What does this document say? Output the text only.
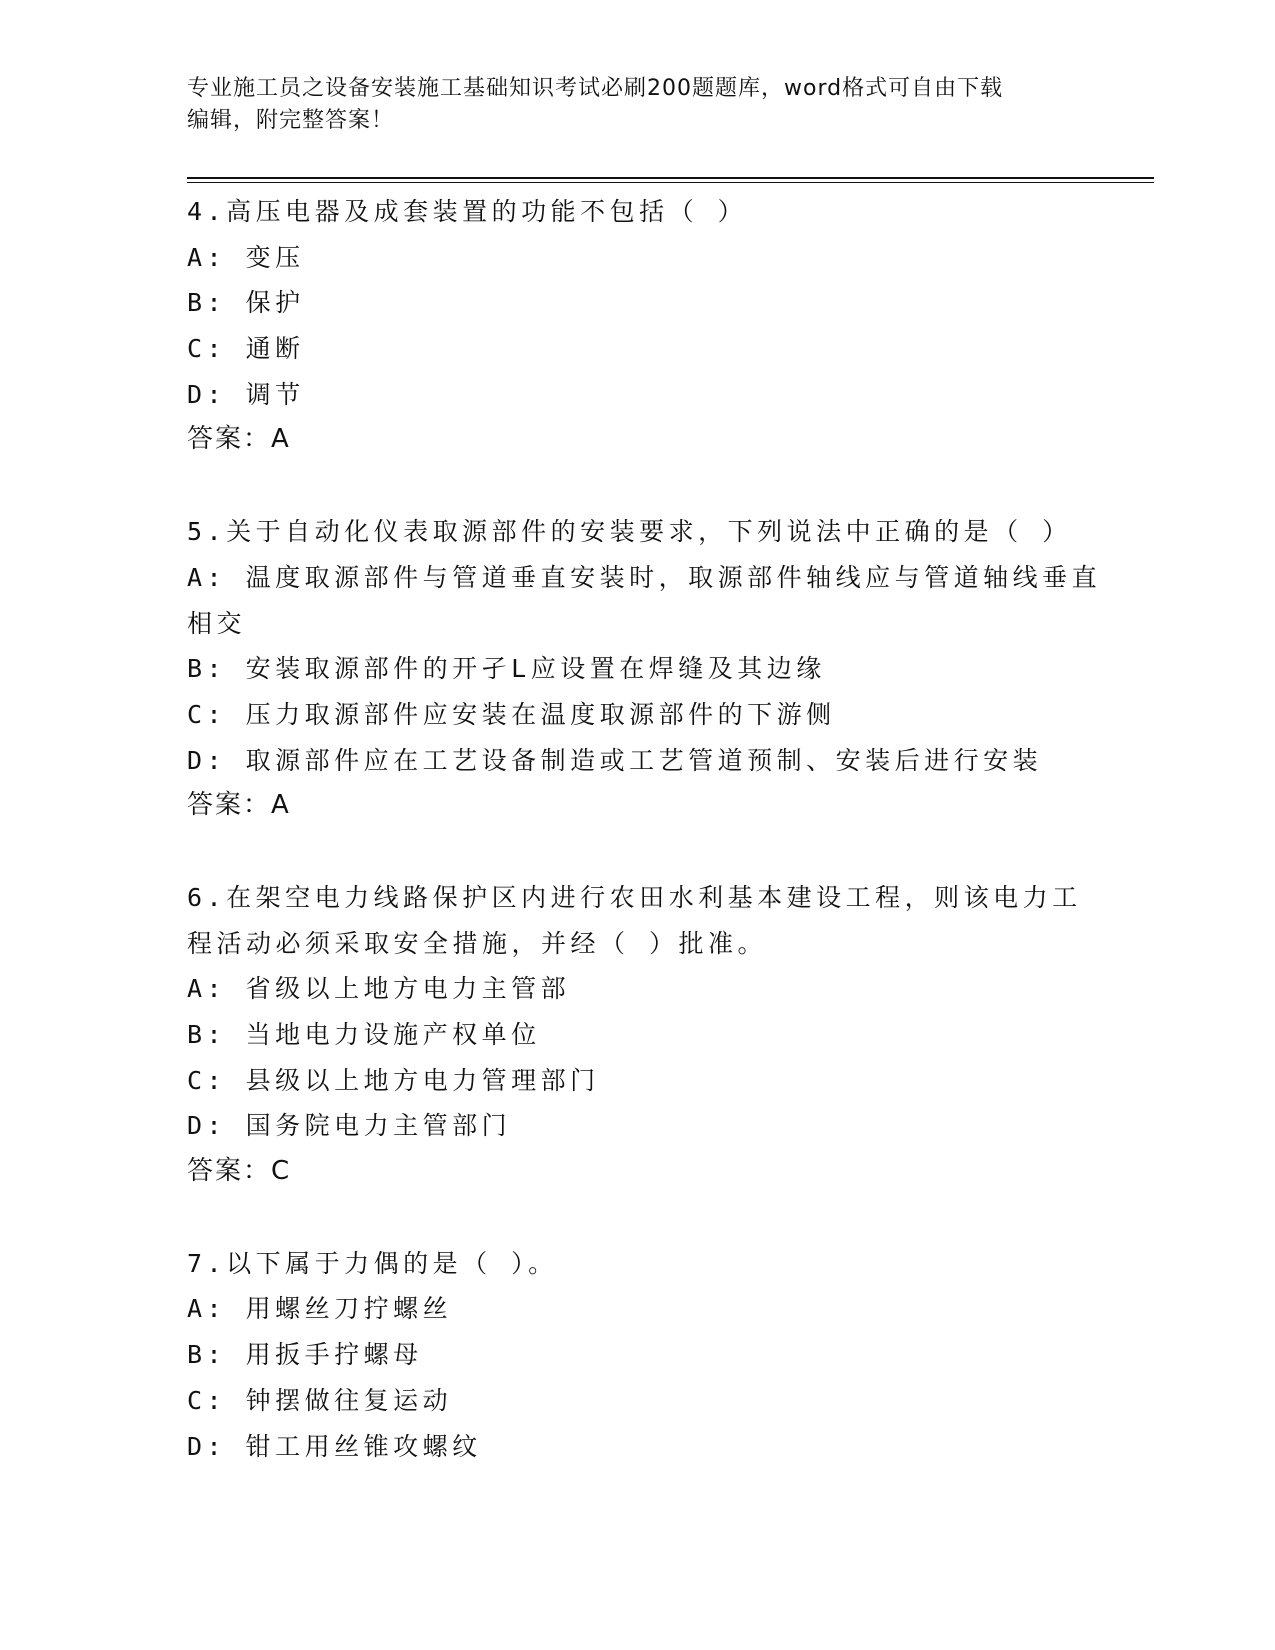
专业施工员之设备安装施工基础知识考试必刷200题题库，word格式可自由下载
编辑，附完整答案！
4.高压电器及成套装置的功能不包括（ ）
A: 变压
B: 保护
C: 通断
D: 调节
答案：A
5.关于自动化仪表取源部件的安装要求，下列说法中正确的是（ ）
A: 温度取源部件与管道垂直安装时，取源部件轴线应与管道轴线垂直
相交
B: 安装取源部件的开孑L应设置在焊缝及其边缘
C: 压力取源部件应安装在温度取源部件的下游侧
D: 取源部件应在工艺设备制造或工艺管道预制、安装后进行安装
答案：A
6.在架空电力线路保护区内进行农田水利基本建设工程，则该电力工
程活动必须采取安全措施，并经（ ）批准。
A: 省级以上地方电力主管部
B: 当地电力设施产权单位
C: 县级以上地方电力管理部门
D: 国务院电力主管部门
答案：C
7.以下属于力偶的是（ ）。
A: 用螺丝刀拧螺丝
B: 用扳手拧螺母
C: 钟摆做往复运动
D: 钳工用丝锥攻螺纹
